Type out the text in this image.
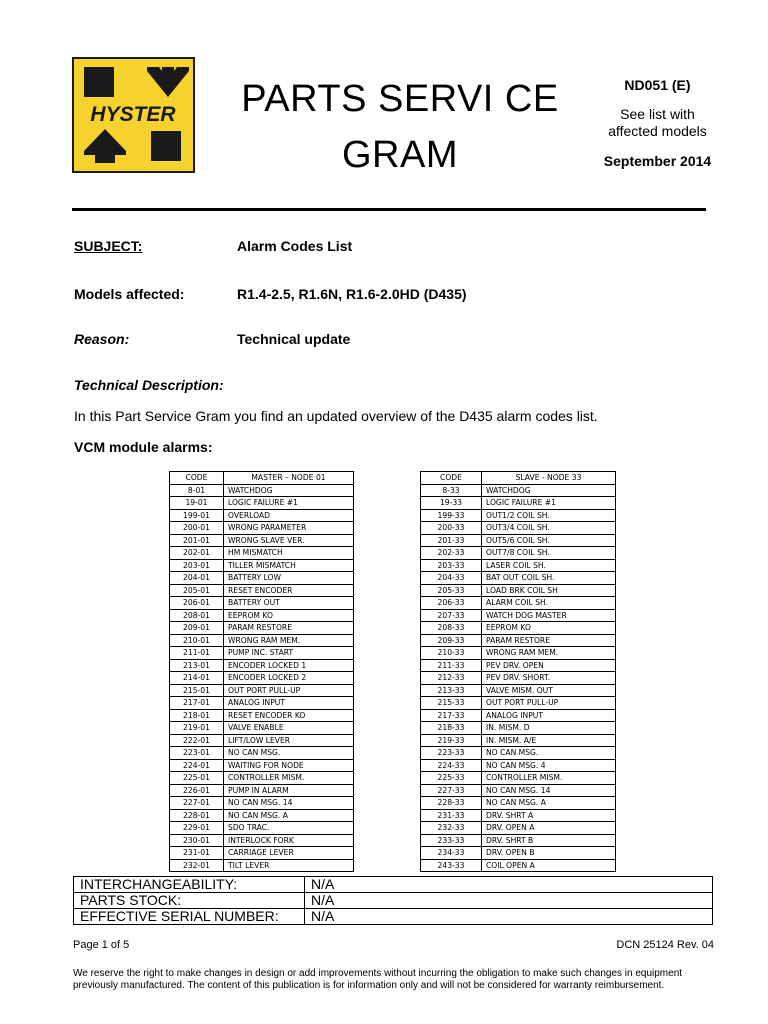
HYSTER	PARTS SERVI CE
GRAM
ND051 (E)
See list with
affected models
September 2014
SUBJECT:	Alarm Codes List
Models affected:	R1.4-2.5, R1.6N, R1.6-2.0HD (D435)
Reason:	Technical update
Technical Description:
In this Part Service Gram you find an updated overview of the D435 alarm codes list.
VCM module alarms:
CODE	MASTER – NODE 01
8-01	WATCHDOG
19-01	LOGIC FAILURE #1
199-01	OVERLOAD
200-01	WRONG PARAMETER
201-01	WRONG SLAVE VER.
202-01	HM MISMATCH
203-01	TILLER MISMATCH
204-01	BATTERY LOW
205-01	RESET ENCODER
206-01	BATTERY OUT
208-01	EEPROM KO
209-01	PARAM RESTORE
210-01	WRONG RAM MEM.
211-01	PUMP INC. START
213-01	ENCODER LOCKED 1
214-01	ENCODER LOCKED 2
215-01	OUT PORT PULL-UP
217-01	ANALOG INPUT
218-01	RESET ENCODER KO
219-01	VALVE ENABLE
222-01	LIFT/LOW LEVER
223-01	NO CAN MSG.
224-01	WAITING FOR NODE
225-01	CONTROLLER MISM.
226-01	PUMP IN ALARM
227-01	NO CAN MSG. 14
228-01	NO CAN MSG. A
229-01	SDO TRAC.
230-01	INTERLOCK FORK
231-01	CARRIAGE LEVER
232-01	TILT LEVER
CODE	SLAVE - NODE 33
8-33	WATCHDOG
19-33	LOGIC FAILURE #1
199-33	OUT1/2 COIL SH.
200-33	OUT3/4 COIL SH.
201-33	OUT5/6 COIL SH.
202-33	OUT7/8 COIL SH.
203-33	LASER COIL SH.
204-33	BAT OUT COIL SH.
205-33	LOAD BRK COIL SH
206-33	ALARM COIL SH.
207-33	WATCH DOG MASTER
208-33	EEPROM KO
209-33	PARAM RESTORE
210-33	WRONG RAM MEM.
211-33	PEV DRV. OPEN
212-33	PEV DRV. SHORT.
213-33	VALVE MISM. OUT
215-33	OUT PORT PULL-UP
217-33	ANALOG INPUT
218-33	IN. MISM. D
219-33	IN. MISM. A/E
223-33	NO CAN MSG.
224-33	NO CAN MSG. 4
225-33	CONTROLLER MISM.
227-33	NO CAN MSG. 14
228-33	NO CAN MSG. A
231-33	DRV. SHRT A
232-33	DRV. OPEN A
233-33	DRV. SHRT B
234-33	DRV. OPEN B
243-33	COIL OPEN A
INTERCHANGEABILITY:	N/A
PARTS STOCK:	N/A
EFFECTIVE SERIAL NUMBER:	N/A
Page 1 of 5	DCN 25124 Rev. 04
We reserve the right to make changes in design or add improvements without incurring the obligation to make such changes in equipment previously manufactured. The content of this publication is for information only and will not be considered for warranty reimbursement.
